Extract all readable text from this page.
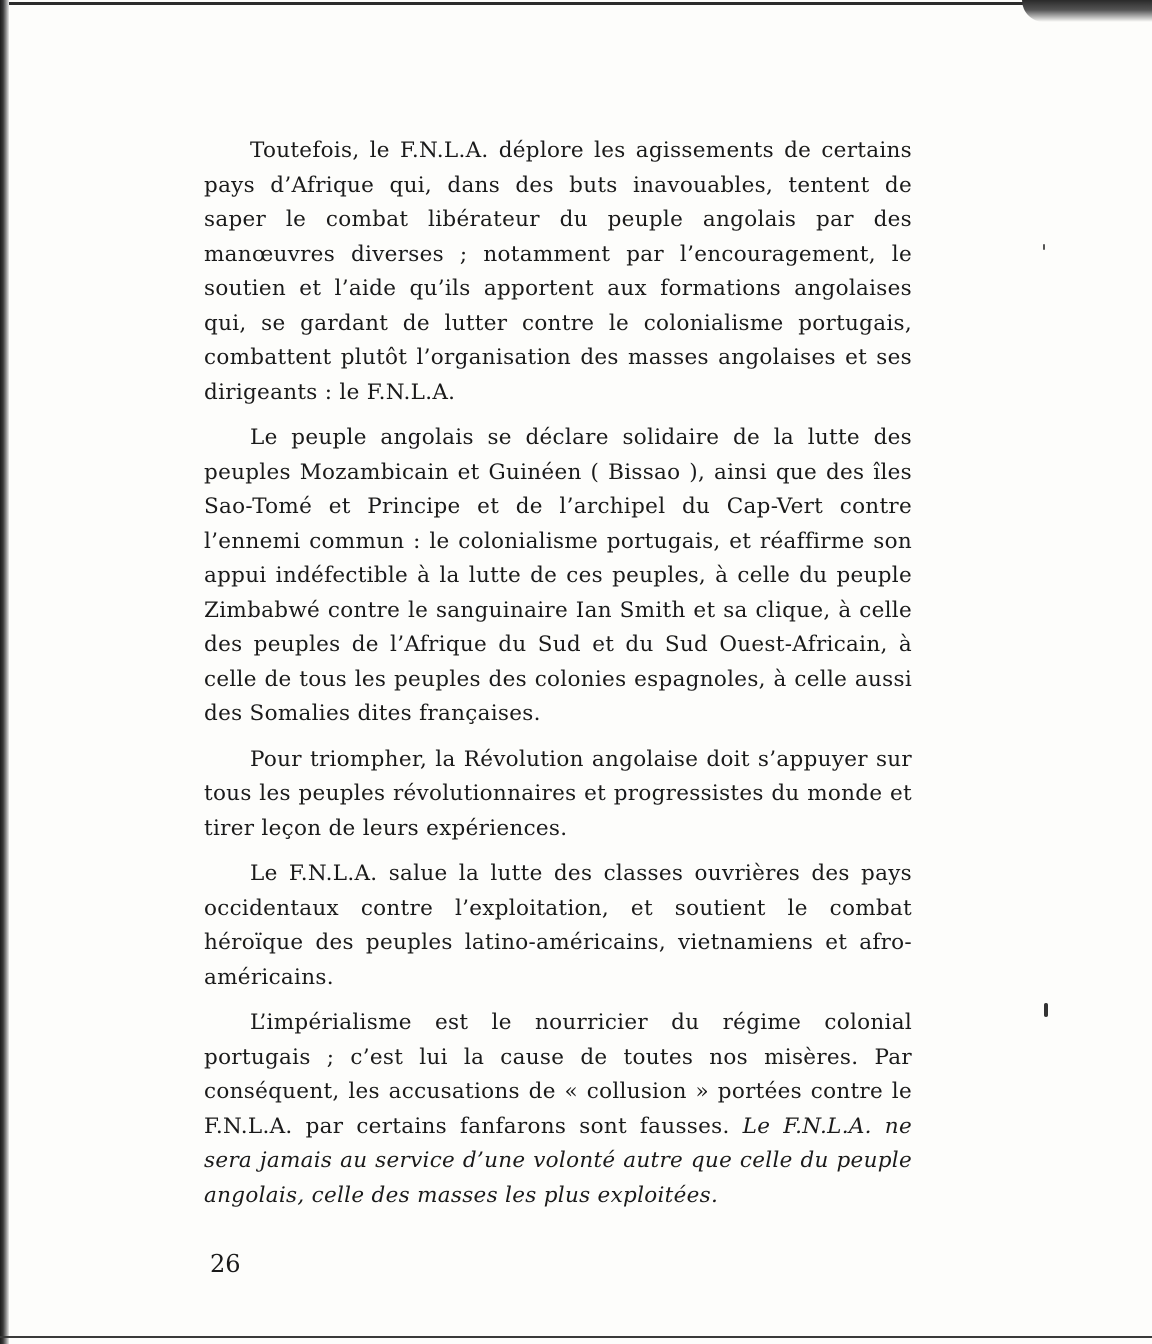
Toutefois, le F.N.L.A. déplore les agissements de certains pays d’Afrique qui, dans des buts inavouables, tentent de saper le combat libérateur du peuple angolais par des manœuvres diverses ; notamment par l’encouragement, le soutien et l’aide qu’ils apportent aux formations angolaises qui, se gardant de lutter contre le colonialisme portugais, combattent plutôt l’organisation des masses angolaises et ses dirigeants : le F.N.L.A.

Le peuple angolais se déclare solidaire de la lutte des peuples Mozambicain et Guinéen ( Bissao ), ainsi que des îles Sao-Tomé et Principe et de l’archipel du Cap-Vert contre l’ennemi commun : le colonialisme portugais, et réaffirme son appui indéfectible à la lutte de ces peuples, à celle du peuple Zimbabwé contre le sanguinaire Ian Smith et sa clique, à celle des peuples de l’Afrique du Sud et du Sud Ouest-Africain, à celle de tous les peuples des colonies espagnoles, à celle aussi des Somalies dites françaises.

Pour triompher, la Révolution angolaise doit s’appuyer sur tous les peuples révolutionnaires et progressistes du monde et tirer leçon de leurs expériences.

Le F.N.L.A. salue la lutte des classes ouvrières des pays occidentaux contre l’exploitation, et soutient le combat héroïque des peuples latino-américains, vietnamiens et afro-américains.

L’impérialisme est le nourricier du régime colonial portugais ; c’est lui la cause de toutes nos misères. Par conséquent, les accusations de « collusion » portées contre le F.N.L.A. par certains fanfarons sont fausses. Le F.N.L.A. ne sera jamais au service d’une volonté autre que celle du peuple angolais, celle des masses les plus exploitées.

26
